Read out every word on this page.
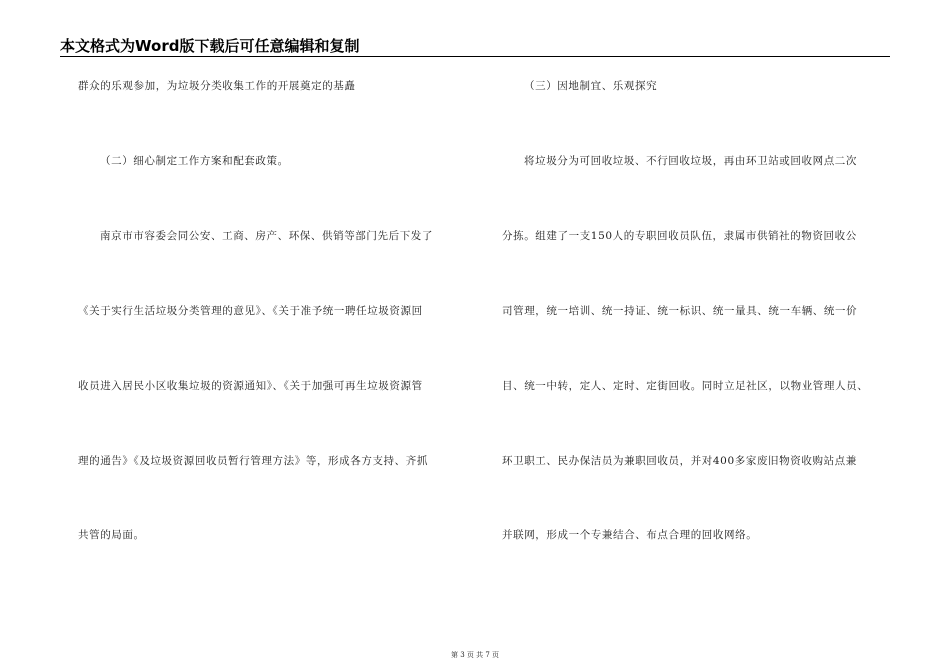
本文格式为Word版下载后可任意编辑和复制
群众的乐观参加，为垃圾分类收集工作的开展奠定的基矗
（二）细心制定工作方案和配套政策。
南京市市容委会同公安、工商、房产、环保、供销等部门先后下发了
《关于实行生活垃圾分类管理的意见》、《关于准予统一聘任垃圾资源回
收员进入居民小区收集垃圾的资源通知》、《关于加强可再生垃圾资源管
理的通告》《及垃圾资源回收员暂行管理方法》等，形成各方支持、齐抓
共管的局面。
（三）因地制宜、乐观探究
将垃圾分为可回收垃圾、不行回收垃圾，再由环卫站或回收网点二次
分拣。组建了一支150人的专职回收员队伍，隶属市供销社的物资回收公
司管理，统一培训、统一持证、统一标识、统一量具、统一车辆、统一价
目、统一中转，定人、定时、定街回收。同时立足社区，以物业管理人员、
环卫职工、民办保洁员为兼职回收员，并对400多家废旧物资收购站点兼
并联网，形成一个专兼结合、布点合理的回收网络。
第 3 页 共 7 页
